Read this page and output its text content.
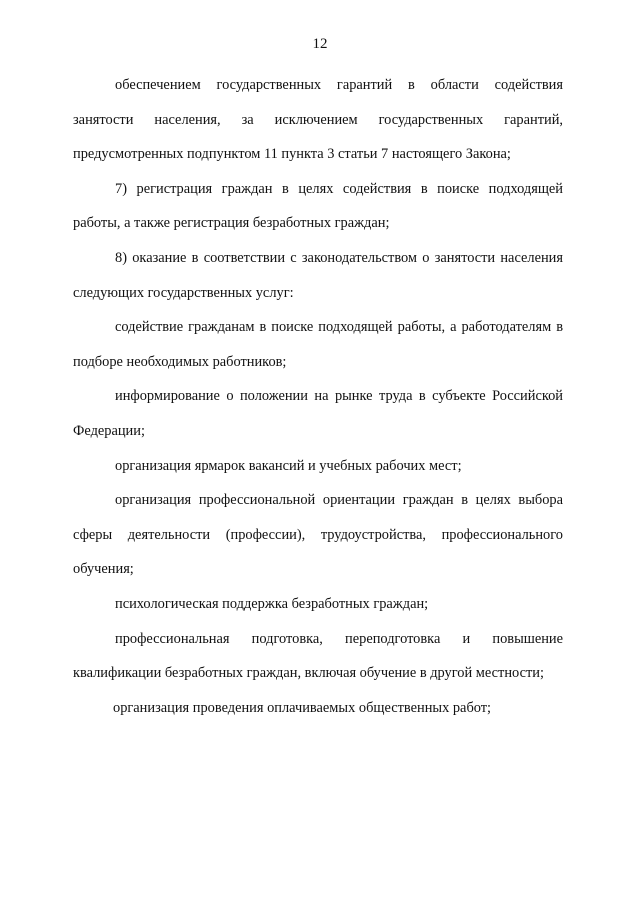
12

обеспечением государственных гарантий в области содействия занятости населения, за исключением государственных гарантий, предусмотренных подпунктом 11 пункта 3 статьи 7 настоящего Закона;

7) регистрация граждан в целях содействия в поиске подходящей работы, а также регистрация безработных граждан;

8) оказание в соответствии с законодательством о занятости населения следующих государственных услуг:

содействие гражданам в поиске подходящей работы, а работодателям в подборе необходимых работников;

информирование о положении на рынке труда в субъекте Российской Федерации;

организация ярмарок вакансий и учебных рабочих мест;

организация профессиональной ориентации граждан в целях выбора сферы деятельности (профессии), трудоустройства, профессионального обучения;

психологическая поддержка безработных граждан;

профессиональная подготовка, переподготовка и повышение квалификации безработных граждан, включая обучение в другой местности;

организация проведения оплачиваемых общественных работ;
